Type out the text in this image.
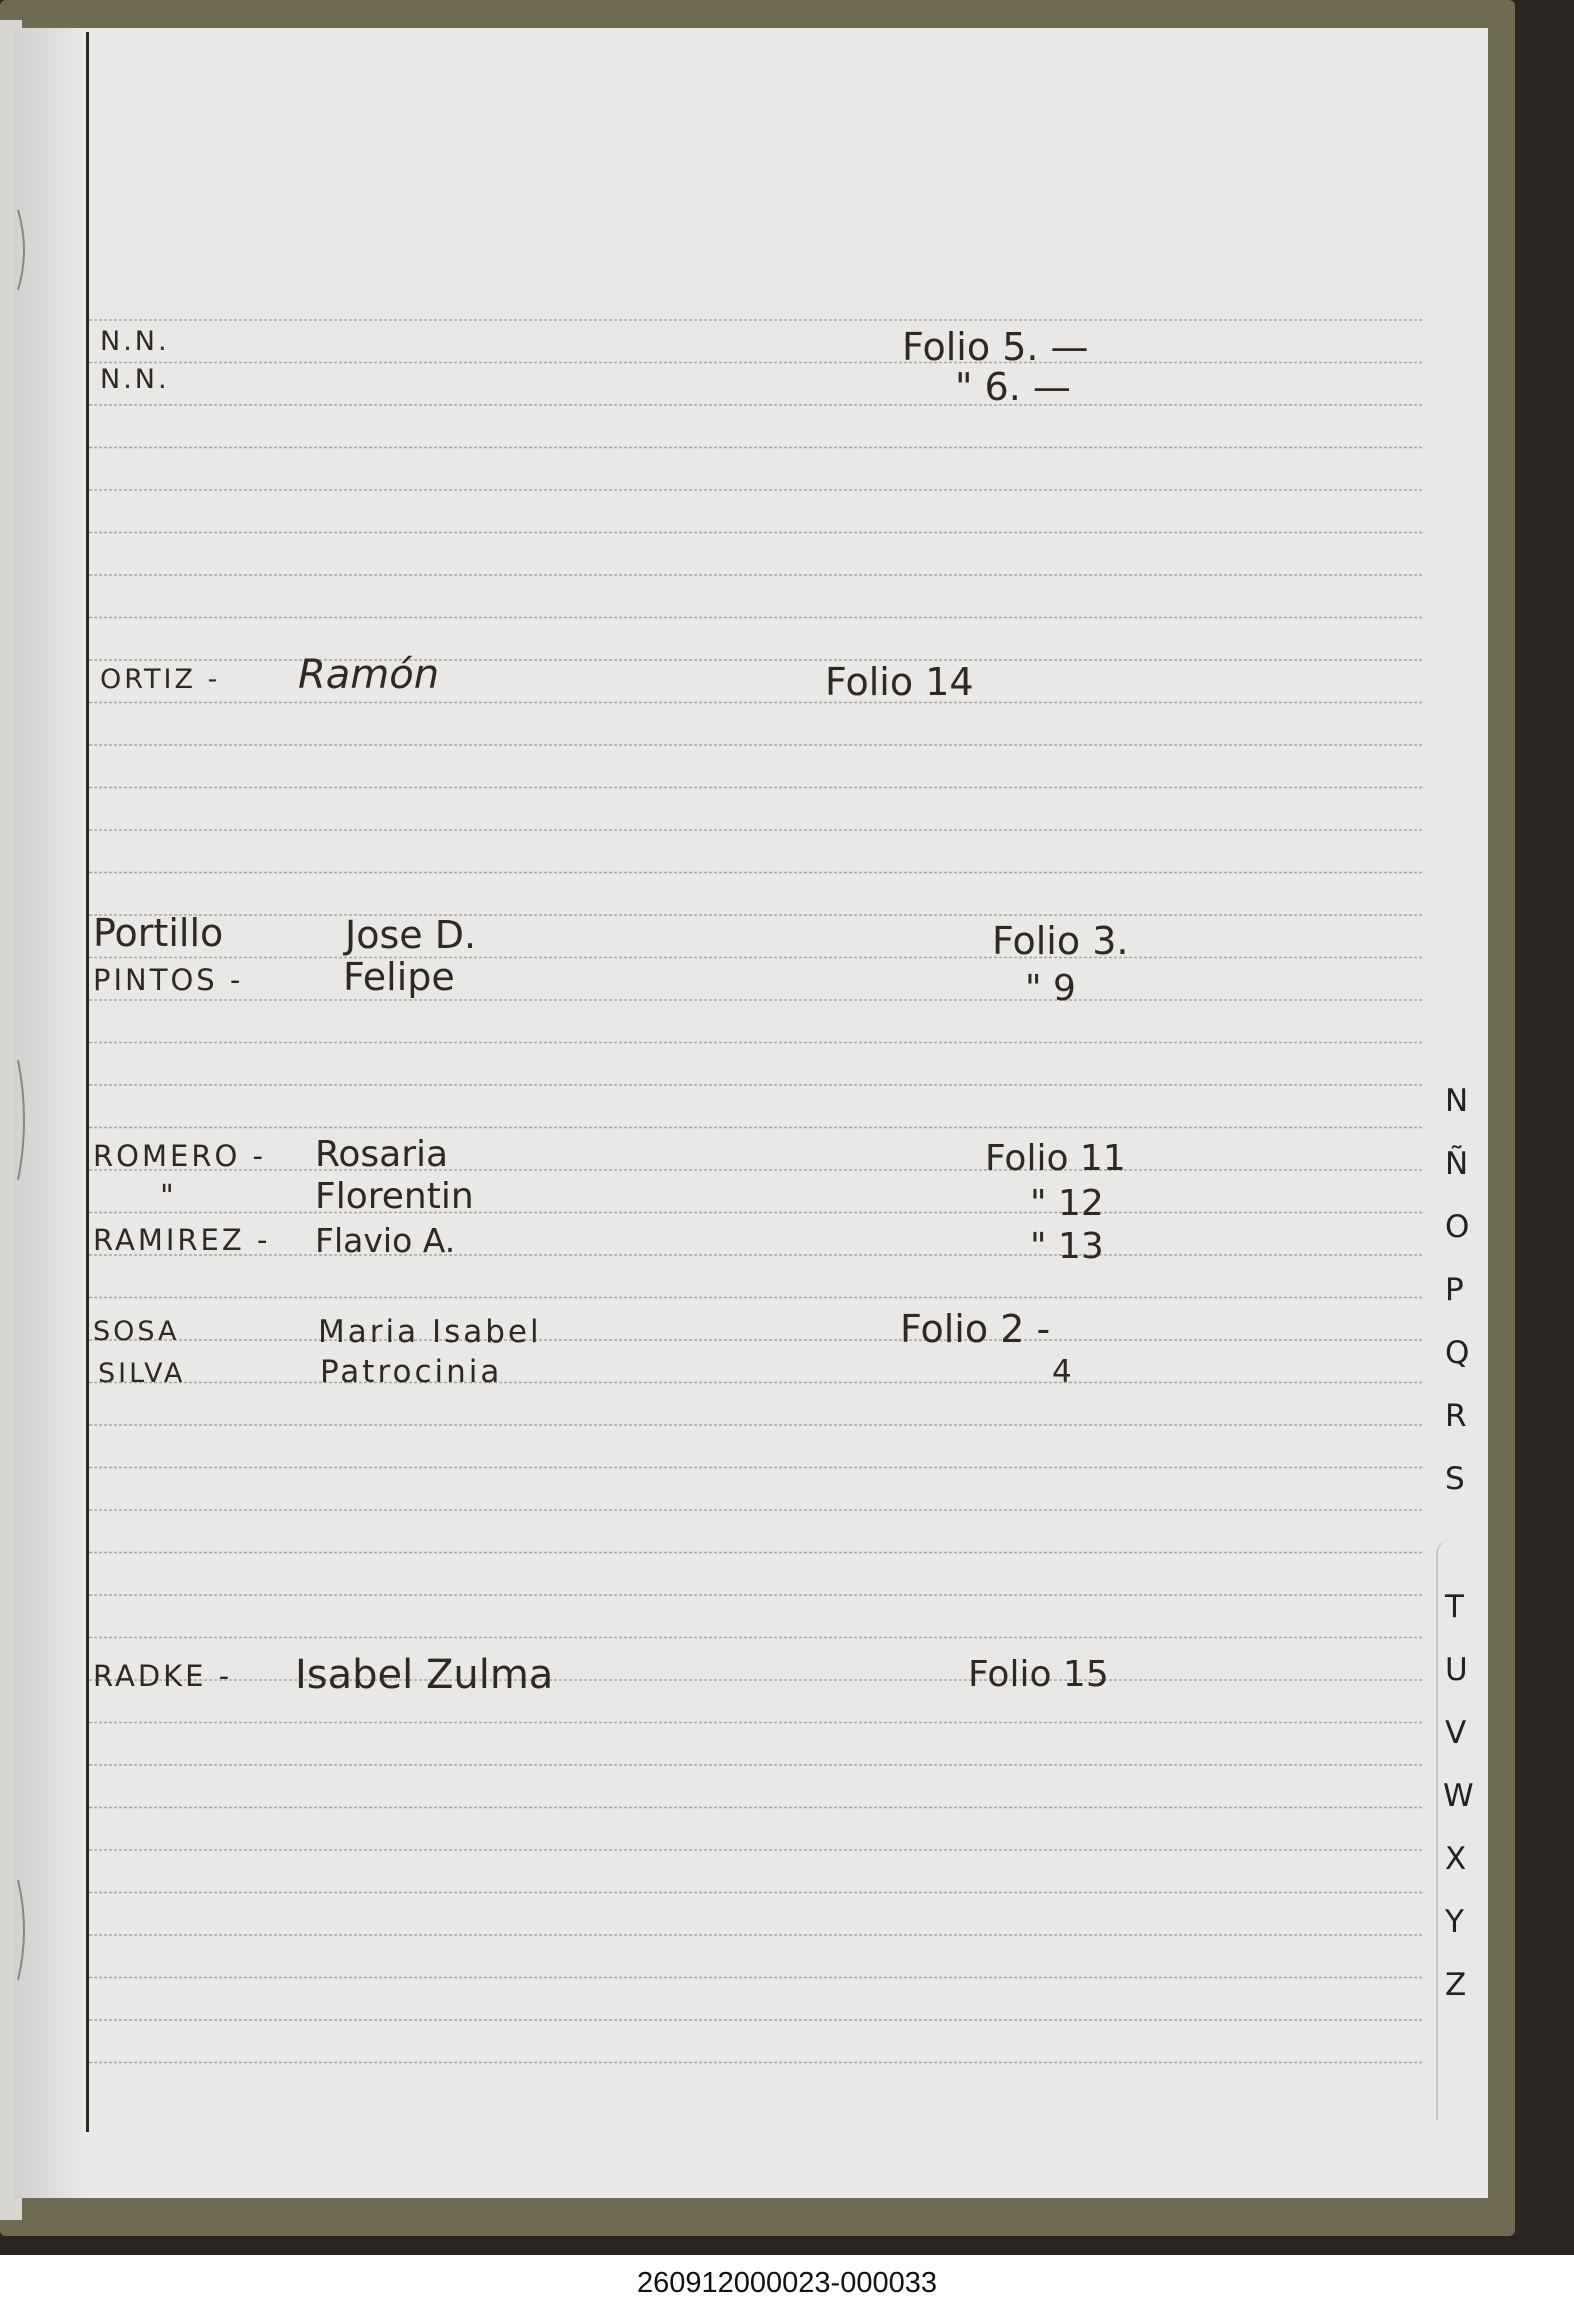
N.N.	Folio 5. —
N.N.	" 6. —
ORTIZ - Ramón	Folio 14
Portillo	Jose D.	Folio 3.
PINTOS -	Felipe	" 9
ROMERO - Rosaria	Folio 11
"	Florentin	" 12
RAMIREZ - Flavio A.	" 13
SOSA	Maria Isabel	Folio 2 -
SILVA	Patrocinia	4
RADKE - Isabel Zulma	Folio 15
N
Ñ
O
P
Q
R
S
T
U
V
W
X
Y
Z
260912000023-000033
